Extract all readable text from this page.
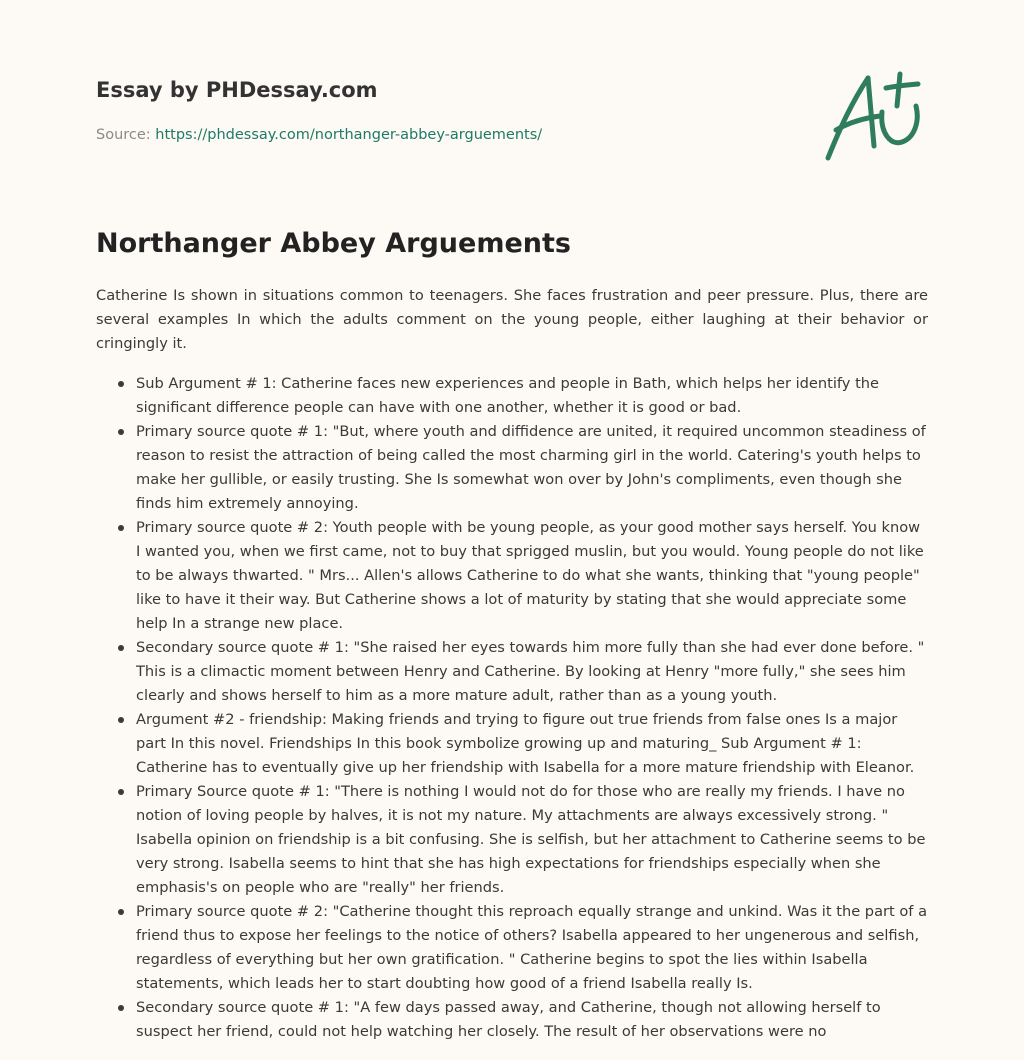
Essay by PHDessay.com
Source: https://phdessay.com/northanger-abbey-arguements/
Northanger Abbey Arguements

Catherine Is shown in situations common to teenagers. She faces frustration and peer pressure. Plus, there are several examples In which the adults comment on the young people, either laughing at their behavior or cringingly it.

Sub Argument # 1: Catherine faces new experiences and people in Bath, which helps her identify the significant difference people can have with one another, whether it is good or bad.
Primary source quote # 1: "But, where youth and diffidence are united, it required uncommon steadiness of reason to resist the attraction of being called the most charming girl in the world. Catering's youth helps to make her gullible, or easily trusting. She Is somewhat won over by John's compliments, even though she finds him extremely annoying.
Primary source quote # 2: Youth people with be young people, as your good mother says herself. You know I wanted you, when we first came, not to buy that sprigged muslin, but you would. Young people do not like to be always thwarted. " Mrs... Allen's allows Catherine to do what she wants, thinking that "young people" like to have it their way. But Catherine shows a lot of maturity by stating that she would appreciate some help In a strange new place.
Secondary source quote # 1: "She raised her eyes towards him more fully than she had ever done before. " This is a climactic moment between Henry and Catherine. By looking at Henry "more fully," she sees him clearly and shows herself to him as a more mature adult, rather than as a young youth.
Argument #2 - friendship: Making friends and trying to figure out true friends from false ones Is a major part In this novel. Friendships In this book symbolize growing up and maturing_ Sub Argument # 1: Catherine has to eventually give up her friendship with Isabella for a more mature friendship with Eleanor.
Primary Source quote # 1: "There is nothing I would not do for those who are really my friends. I have no notion of loving people by halves, it is not my nature. My attachments are always excessively strong. " Isabella opinion on friendship is a bit confusing. She is selfish, but her attachment to Catherine seems to be very strong. Isabella seems to hint that she has high expectations for friendships especially when she emphasis's on people who are "really" her friends.
Primary source quote # 2: "Catherine thought this reproach equally strange and unkind. Was it the part of a friend thus to expose her feelings to the notice of others? Isabella appeared to her ungenerous and selfish, regardless of everything but her own gratification. " Catherine begins to spot the lies within Isabella statements, which leads her to start doubting how good of a friend Isabella really Is.
Secondary source quote # 1: "A few days passed away, and Catherine, though not allowing herself to suspect her friend, could not help watching her closely. The result of her observations were no
